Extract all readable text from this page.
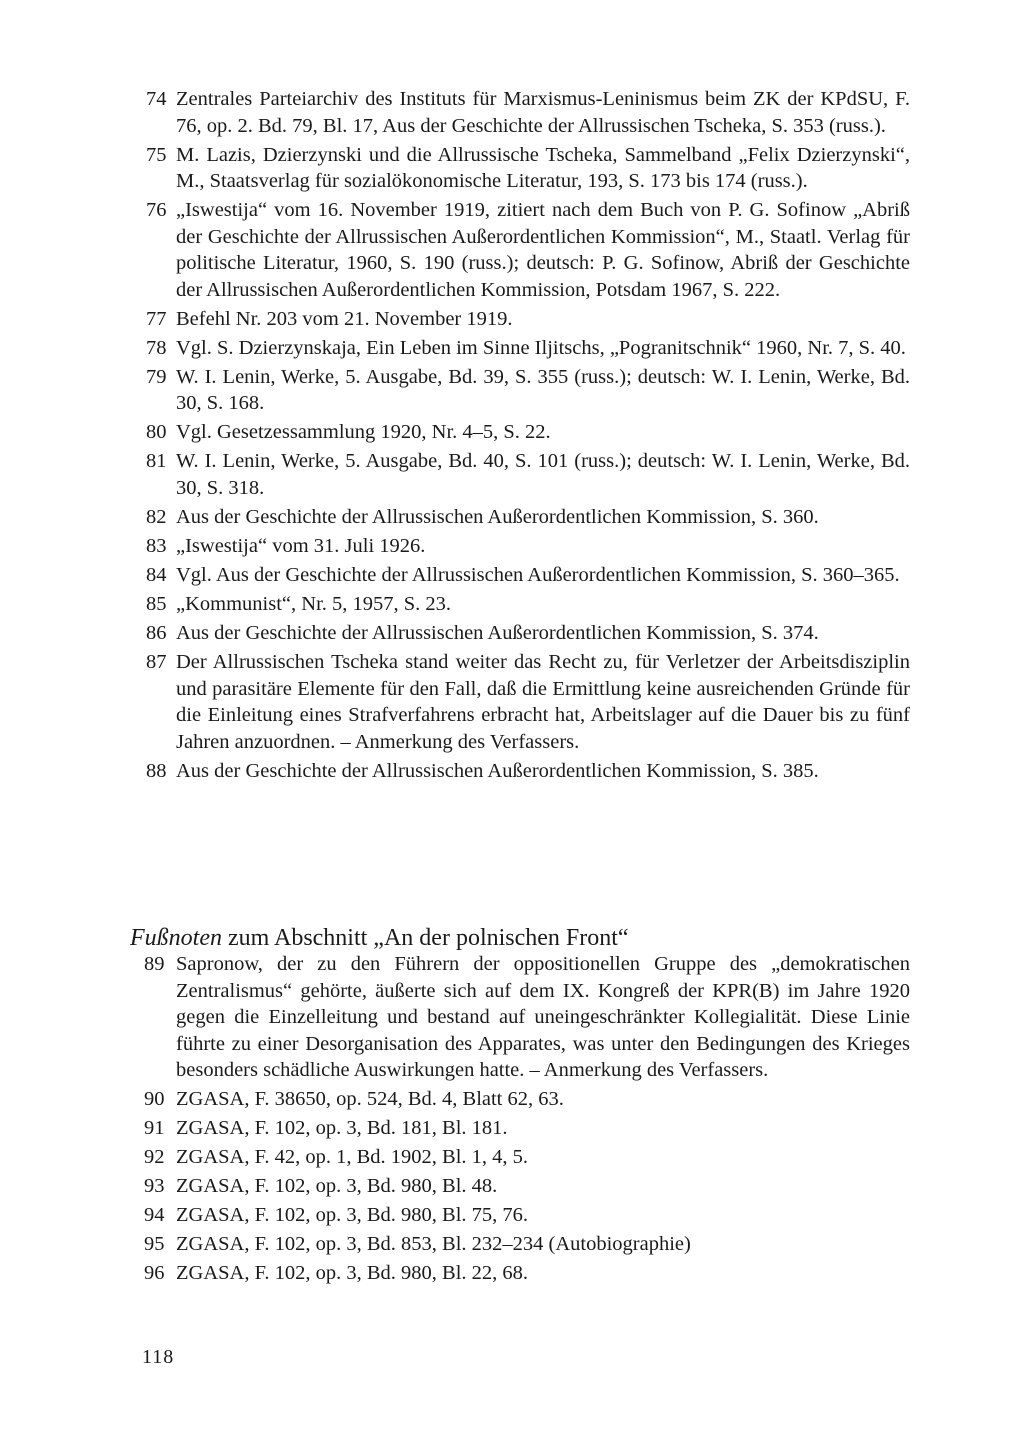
74 Zentrales Parteiarchiv des Instituts für Marxismus-Leninismus beim ZK der KPdSU, F. 76, op. 2. Bd. 79, Bl. 17, Aus der Geschichte der Allrussischen Tscheka, S. 353 (russ.).
75 M. Lazis, Dzierzynski und die Allrussische Tscheka, Sammelband „Felix Dzierzynski“, M., Staatsverlag für sozialökonomische Literatur, 193, S. 173 bis 174 (russ.).
76 „Iswestija“ vom 16. November 1919, zitiert nach dem Buch von P. G. Sofinow „Abriß der Geschichte der Allrussischen Außerordentlichen Kommission“, M., Staatl. Verlag für politische Literatur, 1960, S. 190 (russ.); deutsch: P. G. Sofinow, Abriß der Geschichte der Allrussischen Außerordentlichen Kommission, Potsdam 1967, S. 222.
77 Befehl Nr. 203 vom 21. November 1919.
78 Vgl. S. Dzierzynskaja, Ein Leben im Sinne Iljitschs, „Pogranitschnik“ 1960, Nr. 7, S. 40.
79 W. I. Lenin, Werke, 5. Ausgabe, Bd. 39, S. 355 (russ.); deutsch: W. I. Lenin, Werke, Bd. 30, S. 168.
80 Vgl. Gesetzessammlung 1920, Nr. 4–5, S. 22.
81 W. I. Lenin, Werke, 5. Ausgabe, Bd. 40, S. 101 (russ.); deutsch: W. I. Lenin, Werke, Bd. 30, S. 318.
82 Aus der Geschichte der Allrussischen Außerordentlichen Kommission, S. 360.
83 „Iswestija“ vom 31. Juli 1926.
84 Vgl. Aus der Geschichte der Allrussischen Außerordentlichen Kommission, S. 360–365.
85 „Kommunist“, Nr. 5, 1957, S. 23.
86 Aus der Geschichte der Allrussischen Außerordentlichen Kommission, S. 374.
87 Der Allrussischen Tscheka stand weiter das Recht zu, für Verletzer der Arbeitsdisziplin und parasitäre Elemente für den Fall, daß die Ermittlung keine ausreichenden Gründe für die Einleitung eines Strafverfahrens erbracht hat, Arbeitslager auf die Dauer bis zu fünf Jahren anzuordnen. – Anmerkung des Verfassers.
88 Aus der Geschichte der Allrussischen Außerordentlichen Kommission, S. 385.
Fußnoten zum Abschnitt „An der polnischen Front“
89 Sapronow, der zu den Führern der oppositionellen Gruppe des „demokratischen Zentralismus“ gehörte, äußerte sich auf dem IX. Kongreß der KPR(B) im Jahre 1920 gegen die Einzelleitung und bestand auf uneingeschränkter Kollegialität. Diese Linie führte zu einer Desorganisation des Apparates, was unter den Bedingungen des Krieges besonders schädliche Auswirkungen hatte. – Anmerkung des Verfassers.
90 ZGASA, F. 38650, op. 524, Bd. 4, Blatt 62, 63.
91 ZGASA, F. 102, op. 3, Bd. 181, Bl. 181.
92 ZGASA, F. 42, op. 1, Bd. 1902, Bl. 1, 4, 5.
93 ZGASA, F. 102, op. 3, Bd. 980, Bl. 48.
94 ZGASA, F. 102, op. 3, Bd. 980, Bl. 75, 76.
95 ZGASA, F. 102, op. 3, Bd. 853, Bl. 232–234 (Autobiographie)
96 ZGASA, F. 102, op. 3, Bd. 980, Bl. 22, 68.
118
